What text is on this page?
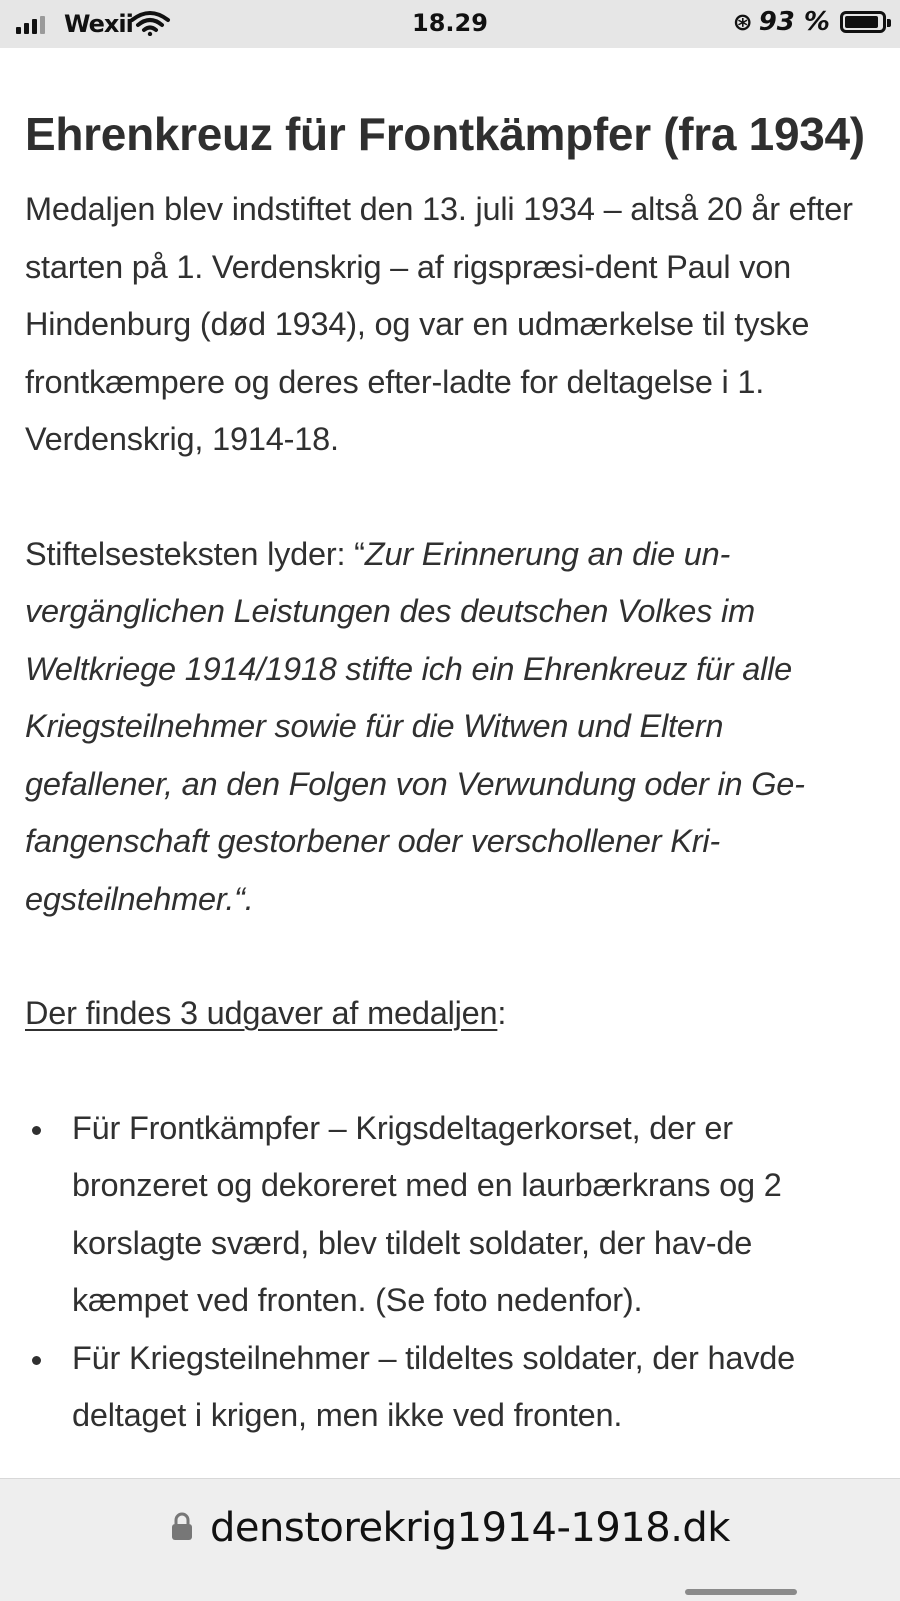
Wexii	18.29	⊛ 93 %
Ehrenkreuz für Frontkämpfer (fra 1934)

Medaljen blev indstiftet den 13. juli 1934 – altså 20 år efter starten på 1. Verdenskrig – af rigspræsi-dent Paul von Hindenburg (død 1934), og var en udmærkelse til tyske frontkæmpere og deres efter-ladte for deltagelse i 1. Verdenskrig, 1914-18.

Stiftelsesteksten lyder: “Zur Erinnerung an die un-vergänglichen Leistungen des deutschen Volkes im Weltkriege 1914/1918 stifte ich ein Ehrenkreuz für alle Kriegsteilnehmer sowie für die Witwen und Eltern gefallener, an den Folgen von Verwundung oder in Ge-fangenschaft gestorbener oder verschollener Kri-egsteilnehmer.“.

Der findes 3 udgaver af medaljen:

Für Frontkämpfer – Krigsdeltagerkorset, der er bronzeret og dekoreret med en laurbærkrans og 2 korslagte sværd, blev tildelt soldater, der hav-de kæmpet ved fronten. (Se foto nedenfor).
Für Kriegsteilnehmer – tildeltes soldater, der havde deltaget i krigen, men ikke ved fronten.
denstorekrig1914-1918.dk
